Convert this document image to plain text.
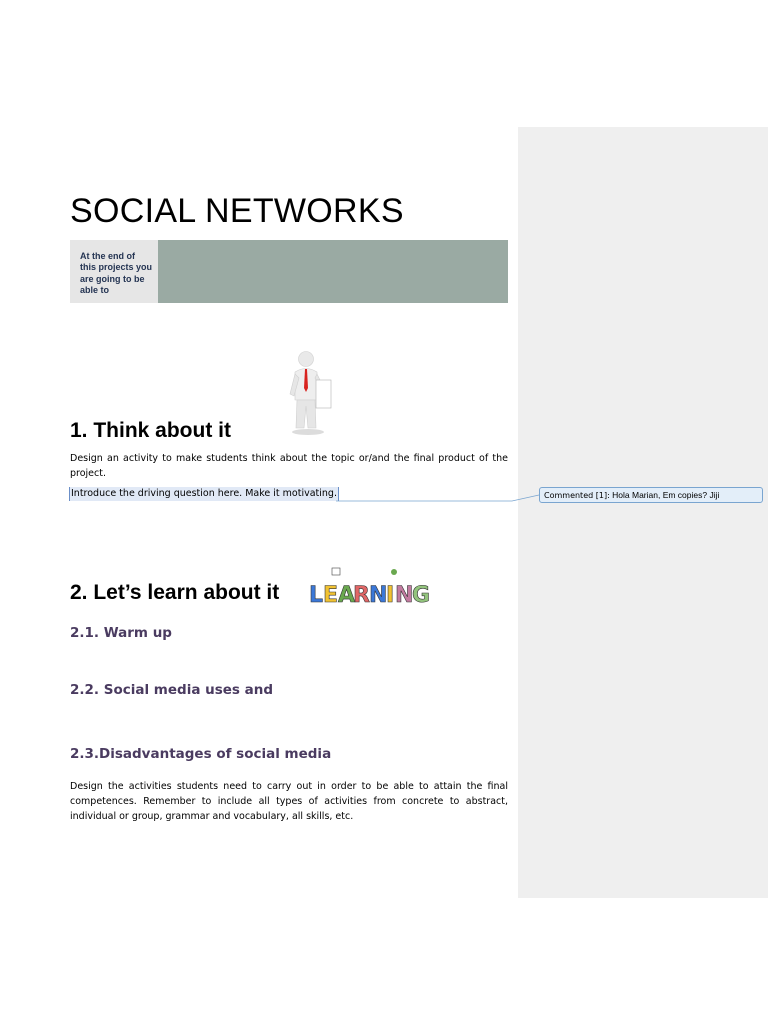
SOCIAL NETWORKS
At the end of this projects you are going to be able to
1. Think about it
Design an activity to make students think about the topic or/and the final product of the project.
Introduce the driving question here. Make it motivating.	Commented [1]: Hola Marian, Em copies? Jiji
2. Let’s learn about it L E A
R N
I N
G
2.1. Warm up
2.2. Social media uses and
2.3.Disadvantages of social media
Design the activities students need to carry out in order to be able to attain the final competences. Remember to include all types of activities from concrete to abstract, individual or group, grammar and vocabulary, all skills, etc.
